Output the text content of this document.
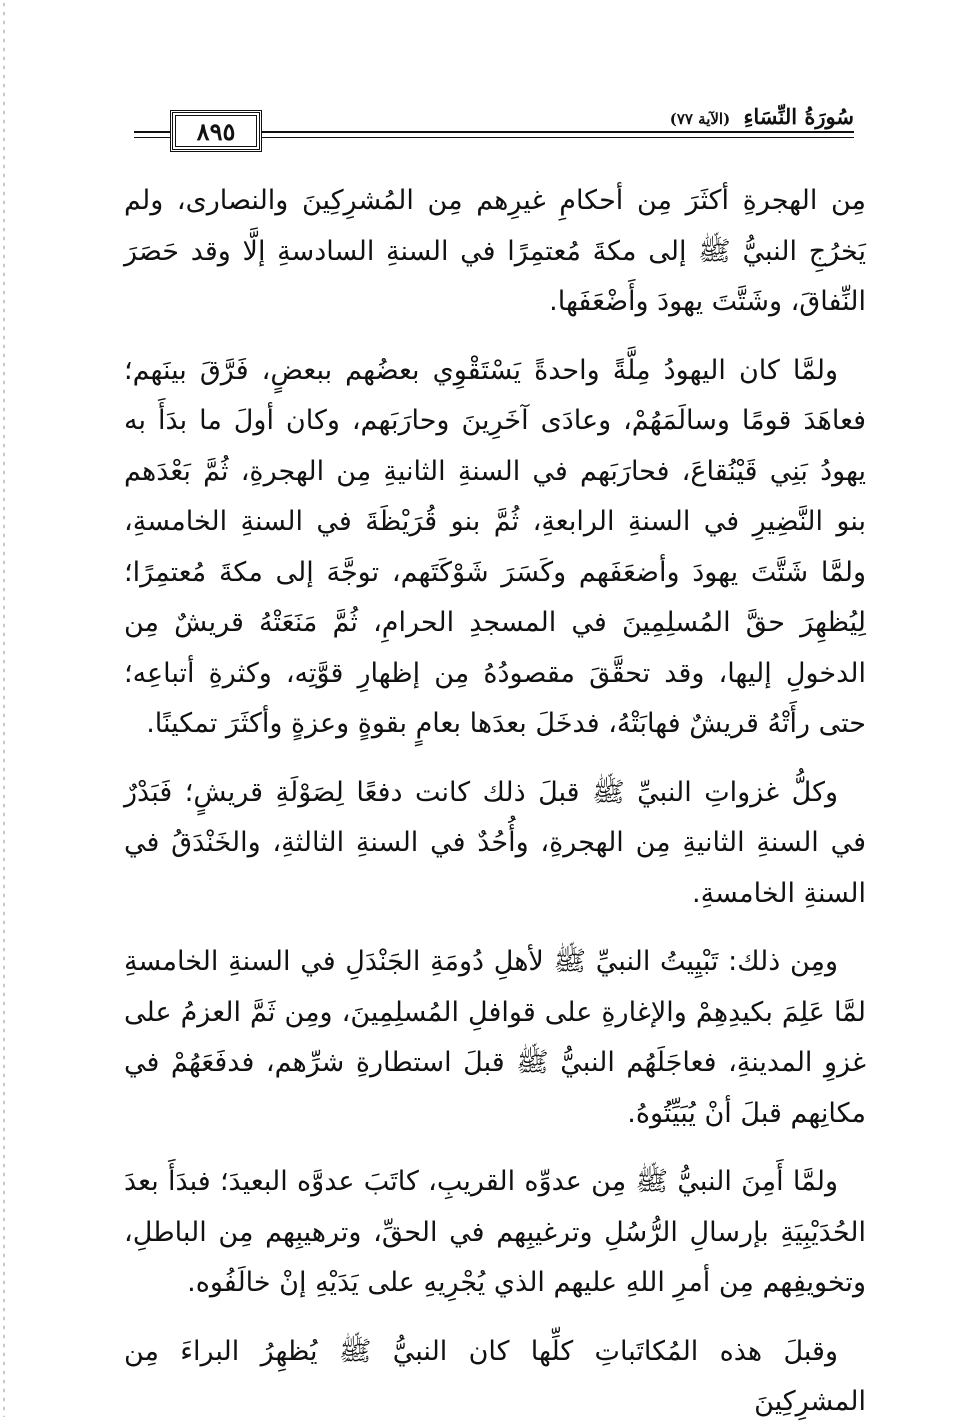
٨٩٥	سُورَةُ النِّسَاءِ (الآية ٧٧)

مِن الهجرةِ أكثَرَ مِن أحكامِ غيرِهم مِن المُشرِكِينَ والنصارى، ولم يَخرُجِ النبيُّ ﷺ إلى مكةَ مُعتمِرًا في السنةِ السادسةِ إلَّا وقد حَصَرَ النِّفاقَ، وشَتَّتَ يهودَ وأَضْعَفَها.

ولمَّا كان اليهودُ مِلَّةً واحدةً يَسْتَقْوِي بعضُهم ببعضٍ، فَرَّقَ بينَهم؛ فعاهَدَ قومًا وسالَمَهُمْ، وعادَى آخَرِينَ وحارَبَهم، وكان أولَ ما بدَأَ به يهودُ بَنِي قَيْنُقاعَ، فحارَبَهم في السنةِ الثانيةِ مِن الهجرةِ، ثُمَّ بَعْدَهم بنو النَّضِيرِ في السنةِ الرابعةِ، ثُمَّ بنو قُرَيْظَةَ في السنةِ الخامسةِ، ولمَّا شَتَّتَ يهودَ وأضعَفَهم وكَسَرَ شَوْكَتَهم، توجَّهَ إلى مكةَ مُعتمِرًا؛ لِيُظهِرَ حقَّ المُسلِمِينَ في المسجدِ الحرامِ، ثُمَّ مَنَعَتْهُ قريشٌ مِن الدخولِ إليها، وقد تحقَّقَ مقصودُهُ مِن إظهارِ قوَّتِه، وكثرةِ أتباعِه؛ حتى رأَتْهُ قريشٌ فهابَتْهُ، فدخَلَ بعدَها بعامٍ بقوةٍ وعزةٍ وأكثَرَ تمكينًا.

وكلُّ غزواتِ النبيِّ ﷺ قبلَ ذلك كانت دفعًا لِصَوْلَةِ قريشٍ؛ فَبَدْرٌ في السنةِ الثانيةِ مِن الهجرةِ، وأُحُدٌ في السنةِ الثالثةِ، والخَنْدَقُ في السنةِ الخامسةِ.

ومِن ذلك: تَبْيِيتُ النبيِّ ﷺ لأهلِ دُومَةِ الجَنْدَلِ في السنةِ الخامسةِ لمَّا عَلِمَ بكيدِهِمْ والإغارةِ على قوافلِ المُسلِمِينَ، ومِن ثَمَّ العزمُ على غزوِ المدينةِ، فعاجَلَهُم النبيُّ ﷺ قبلَ استطارةِ شرِّهم، فدفَعَهُمْ في مكانِهم قبلَ أنْ يُبَيِّتُوهُ.

ولمَّا أَمِنَ النبيُّ ﷺ مِن عدوِّه القريبِ، كاتَبَ عدوَّه البعيدَ؛ فبدَأَ بعدَ الحُدَيْبِيَةِ بإرسالِ الرُّسُلِ وترغيبِهم في الحقِّ، وترهيبِهم مِن الباطلِ، وتخويفِهم مِن أمرِ اللهِ عليهم الذي يُجْرِيهِ على يَدَيْهِ إنْ خالَفُوه.

وقبلَ هذه المُكاتَباتِ كلِّها كان النبيُّ ﷺ يُظهِرُ البراءَ مِن المشرِكِينَ
